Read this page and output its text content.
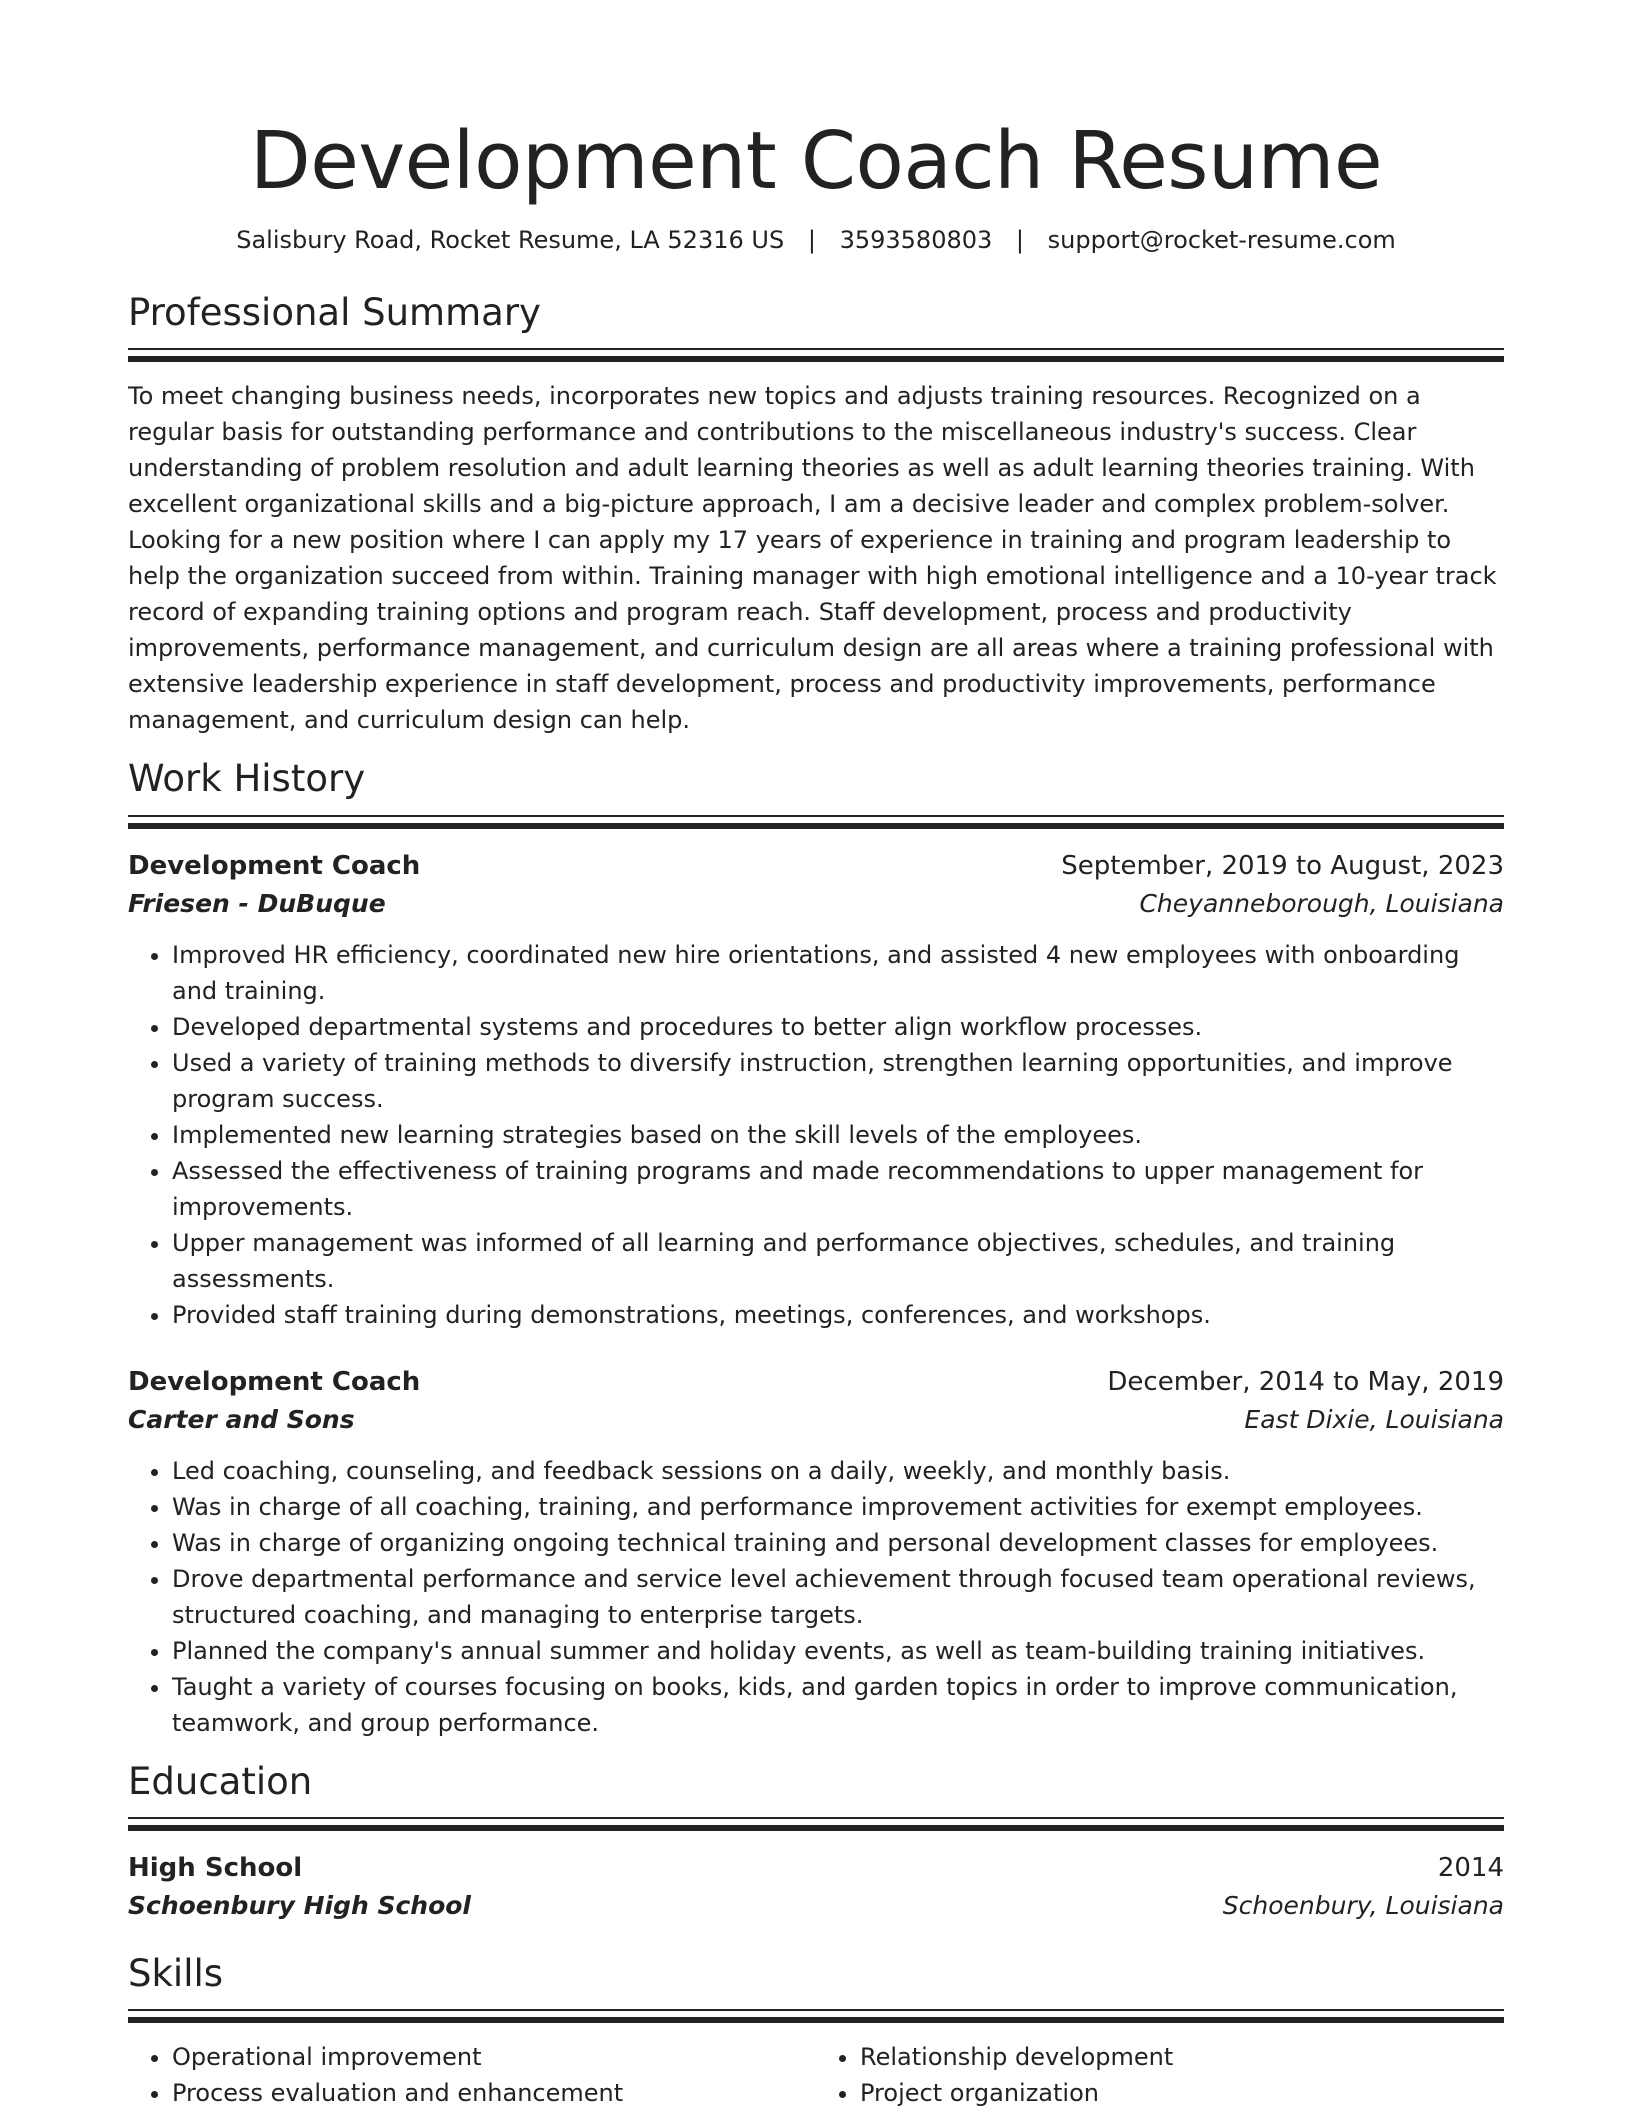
Development Coach Resume
Salisbury Road, Rocket Resume, LA 52316 US | 3593580803 | support@rocket-resume.com
Professional Summary

To meet changing business needs, incorporates new topics and adjusts training resources. Recognized on a regular basis for outstanding performance and contributions to the miscellaneous industry's success. Clear understanding of problem resolution and adult learning theories as well as adult learning theories training. With excellent organizational skills and a big-picture approach, I am a decisive leader and complex problem-solver. Looking for a new position where I can apply my 17 years of experience in training and program leadership to help the organization succeed from within. Training manager with high emotional intelligence and a 10-year track record of expanding training options and program reach. Staff development, process and productivity improvements, performance management, and curriculum design are all areas where a training professional with extensive leadership experience in staff development, process and productivity improvements, performance management, and curriculum design can help.

Work History
Development Coach	September, 2019 to August, 2023
Friesen - DuBuque	Cheyanneborough, Louisiana
• Improved HR efficiency, coordinated new hire orientations, and assisted 4 new employees with onboarding and training.
• Developed departmental systems and procedures to better align workflow processes.
• Used a variety of training methods to diversify instruction, strengthen learning opportunities, and improve program success.
• Implemented new learning strategies based on the skill levels of the employees.
• Assessed the effectiveness of training programs and made recommendations to upper management for improvements.
• Upper management was informed of all learning and performance objectives, schedules, and training assessments.
• Provided staff training during demonstrations, meetings, conferences, and workshops.
Development Coach	December, 2014 to May, 2019
Carter and Sons	East Dixie, Louisiana
• Led coaching, counseling, and feedback sessions on a daily, weekly, and monthly basis.
• Was in charge of all coaching, training, and performance improvement activities for exempt employees.
• Was in charge of organizing ongoing technical training and personal development classes for employees.
• Drove departmental performance and service level achievement through focused team operational reviews, structured coaching, and managing to enterprise targets.
• Planned the company's annual summer and holiday events, as well as team-building training initiatives.
• Taught a variety of courses focusing on books, kids, and garden topics in order to improve communication, teamwork, and group performance.
Education
High School	2014
Schoenbury High School	Schoenbury, Louisiana
Skills
• Operational improvement
• Process evaluation and enhancement
• Relationship development
• Project organization
